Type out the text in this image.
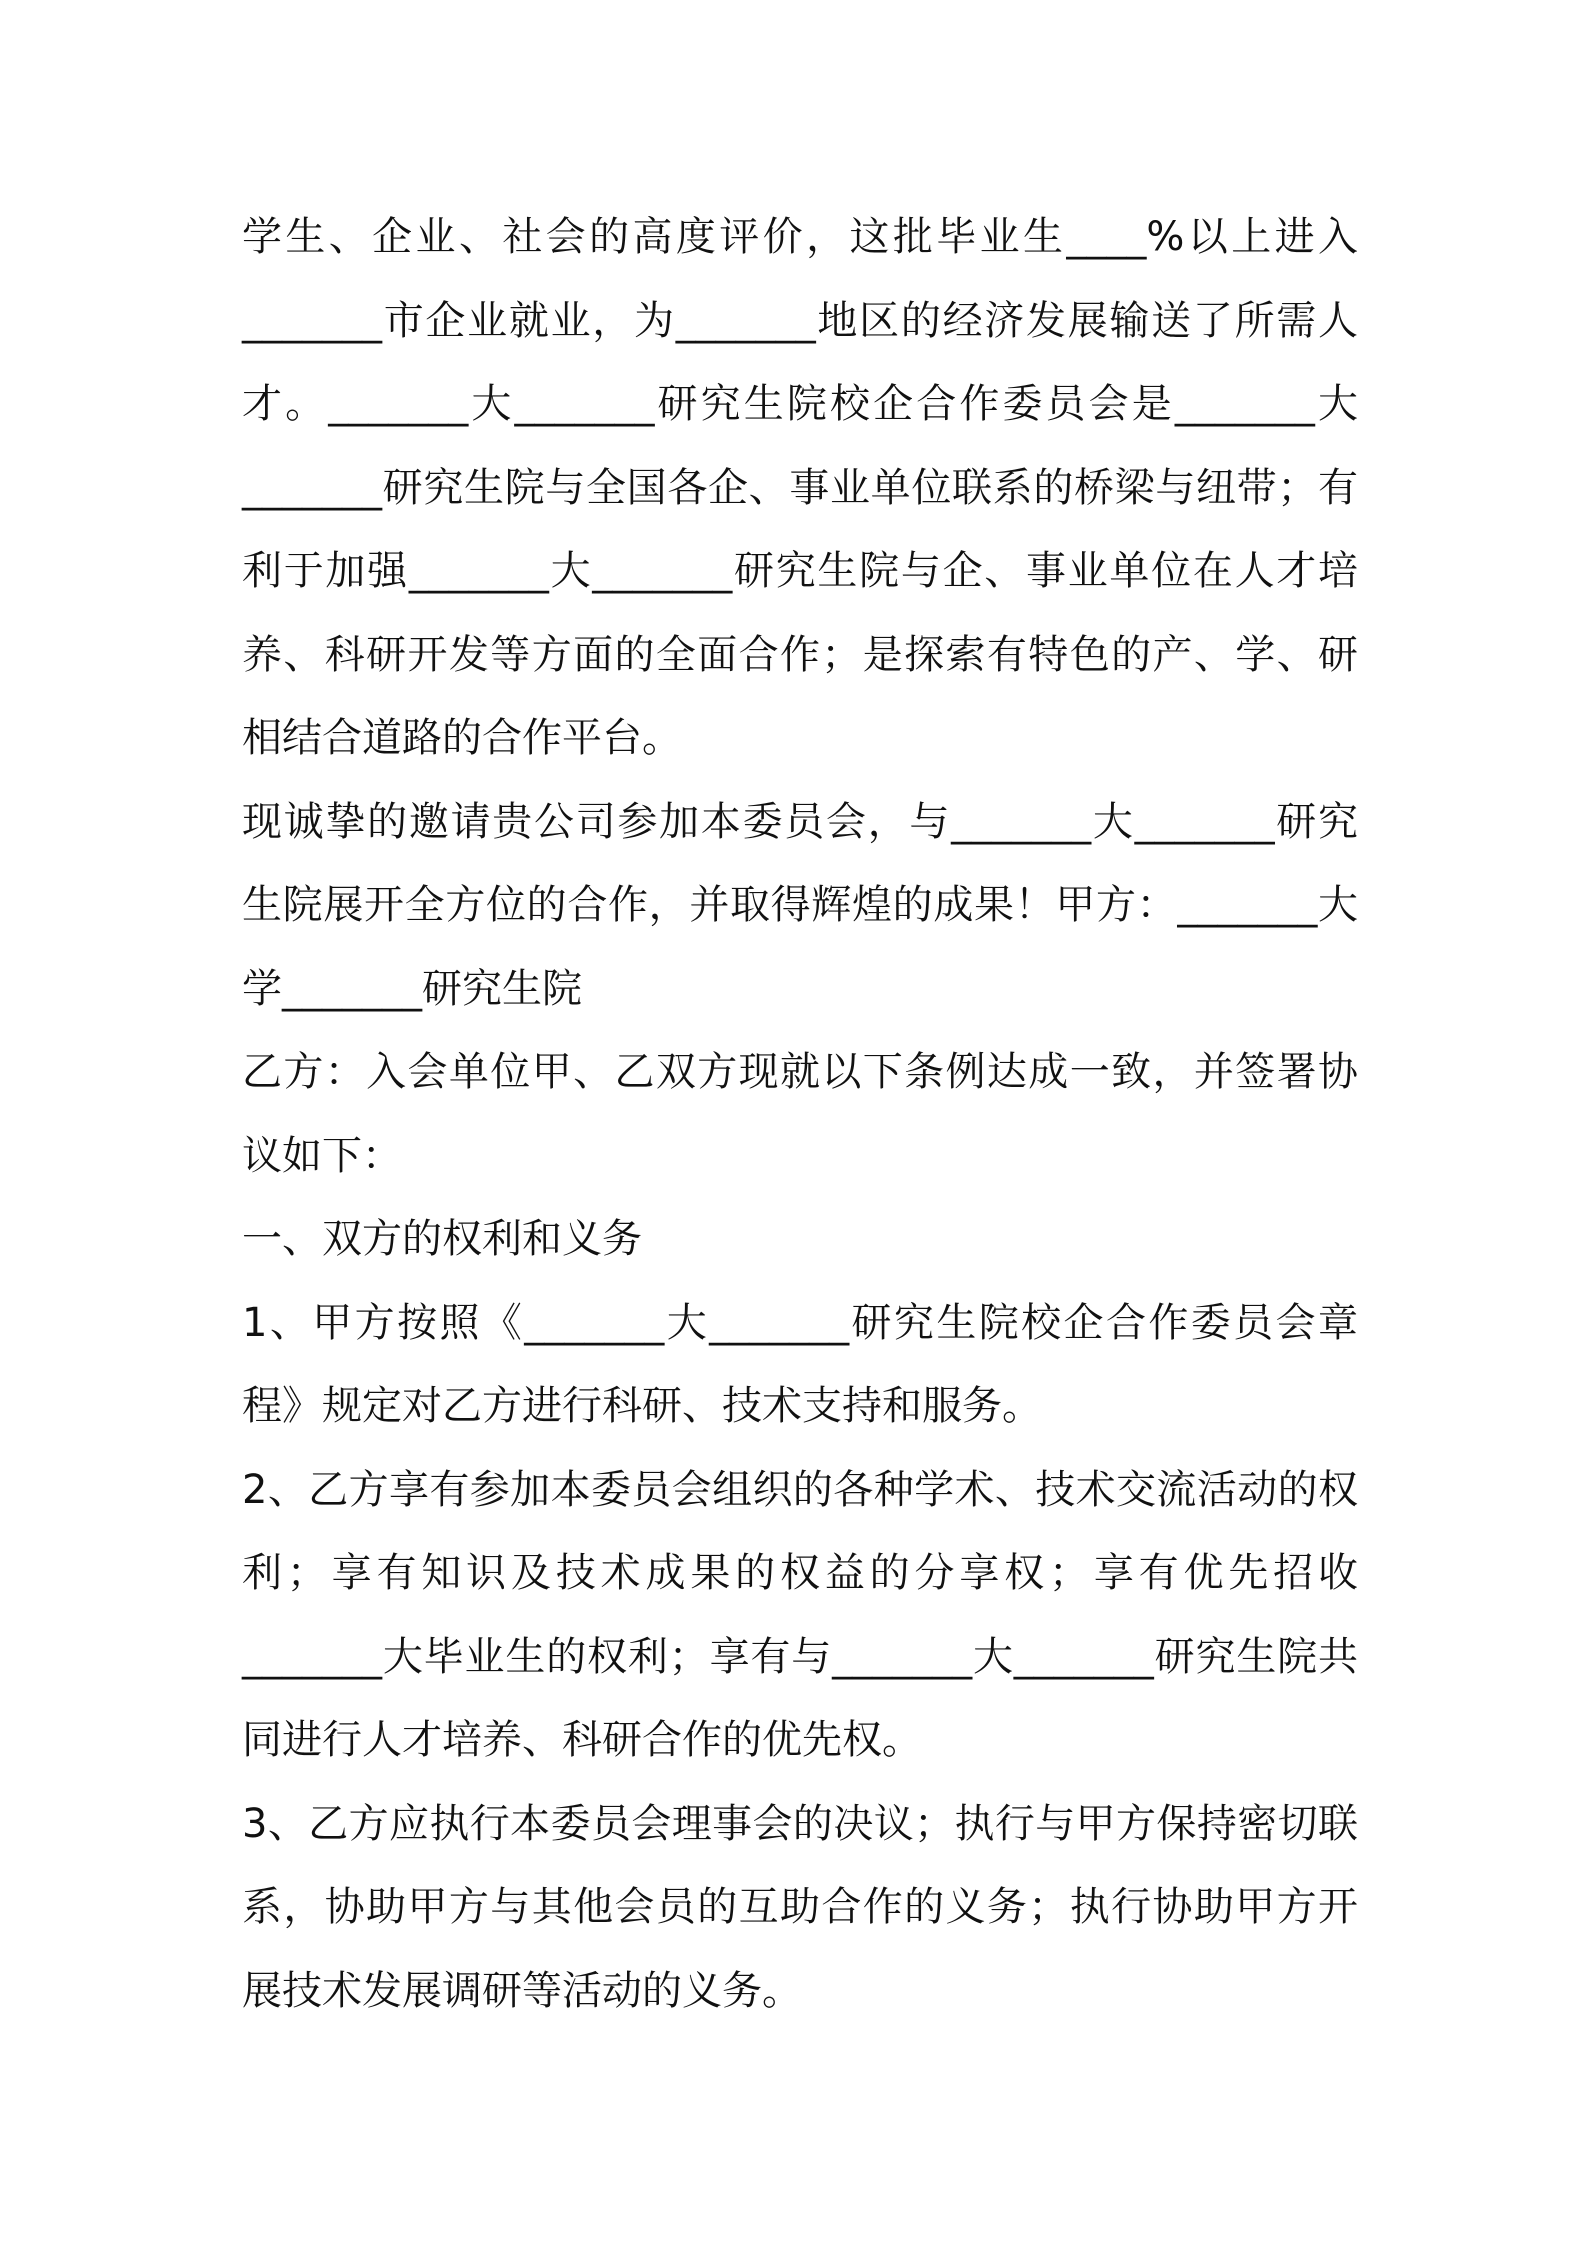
学生、企业、社会的高度评价，这批毕业生____%以上进入_______市企业就业，为_______地区的经济发展输送了所需人才。_______大_______研究生院校企合作委员会是_______大_______研究生院与全国各企、事业单位联系的桥梁与纽带；有利于加强_______大_______研究生院与企、事业单位在人才培养、科研开发等方面的全面合作；是探索有特色的产、学、研相结合道路的合作平台。

现诚挚的邀请贵公司参加本委员会，与_______大_______研究生院展开全方位的合作，并取得辉煌的成果！甲方：_______大学_______研究生院

乙方：入会单位甲、乙双方现就以下条例达成一致，并签署协议如下：

一、双方的权利和义务

1、甲方按照《_______大_______研究生院校企合作委员会章程》规定对乙方进行科研、技术支持和服务。

2、乙方享有参加本委员会组织的各种学术、技术交流活动的权利；享有知识及技术成果的权益的分享权；享有优先招收_______大毕业生的权利；享有与_______大_______研究生院共同进行人才培养、科研合作的优先权。

3、乙方应执行本委员会理事会的决议；执行与甲方保持密切联系，协助甲方与其他会员的互助合作的义务；执行协助甲方开展技术发展调研等活动的义务。
